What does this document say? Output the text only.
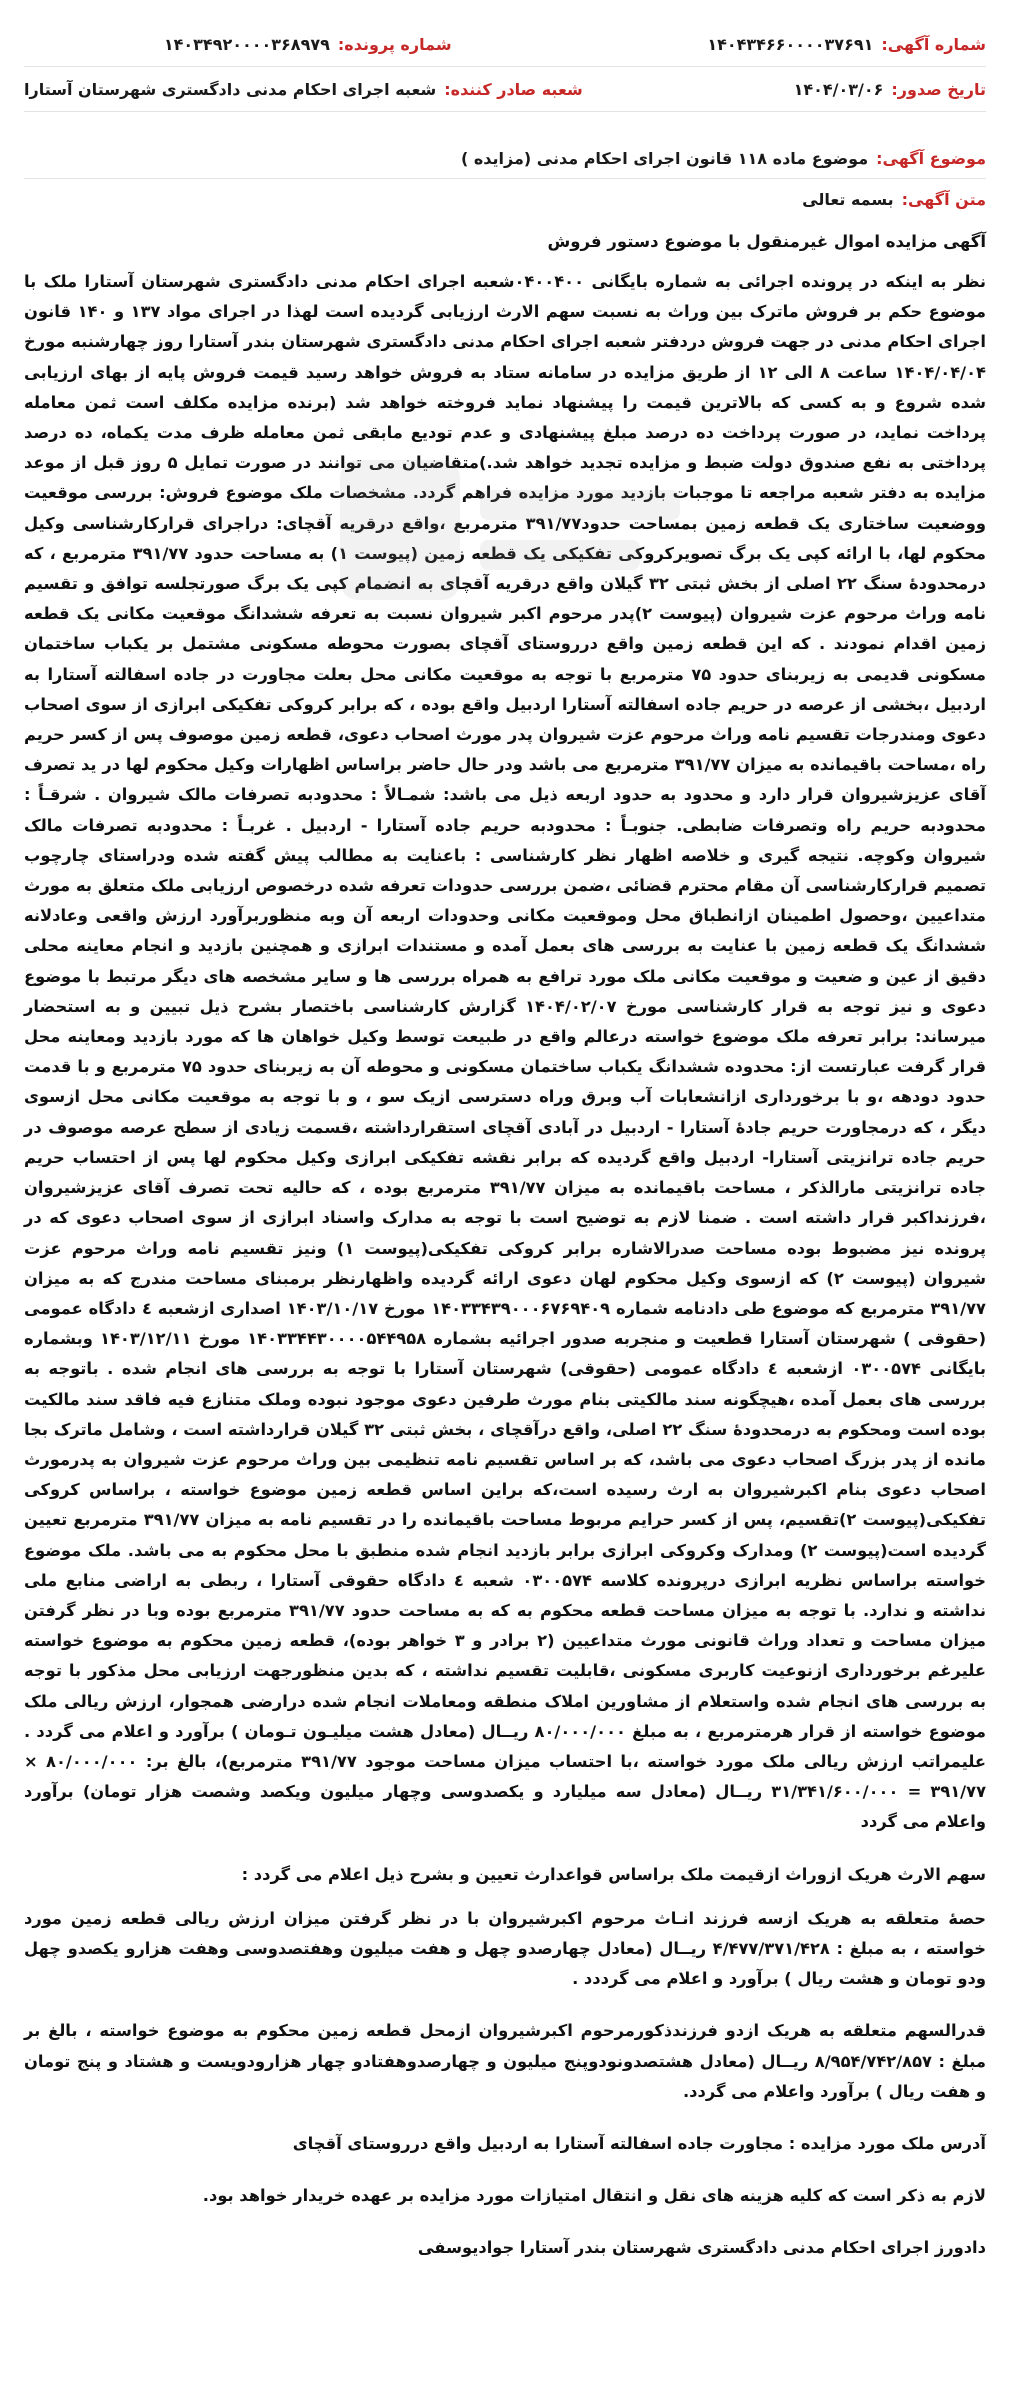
شماره آگهی:
۱۴۰۴۳۴۶۶۰۰۰۰۳۷۶۹۱
شماره پرونده:
۱۴۰۳۴۹۲۰۰۰۰۳۶۸۹۷۹
تاریخ صدور:
۱۴۰۴/۰۳/۰۶
شعبه صادر کننده:
شعبه اجرای احکام مدنی دادگستری شهرستان آستارا
موضوع آگهی:
موضوع ماده ۱۱۸ قانون اجرای احکام مدنی (مزایده )
متن آگهی:
بسمه تعالی
آگهی مزایده اموال غیرمنقول با موضوع دستور فروش

نظر به اینکه در پرونده اجرائی به شماره بایگانی ۰۴۰۰۴۰۰شعبه اجرای احکام مدنی دادگستری شهرستان آستارا ملک با موضوع حکم بر فروش ماترک بین وراث به نسبت سهم الارث ارزیابی گردیده است لهذا در اجرای مواد ۱۳۷ و ۱۴۰ قانون اجرای احکام مدنی در جهت فروش دردفتر شعبه اجرای احکام مدنی دادگستری شهرستان بندر آستارا روز چهارشنبه مورخ ۱۴۰۴/۰۴/۰۴ ساعت ۸ الی ۱۲ از طریق مزایده در سامانه ستاد به فروش خواهد رسید قیمت فروش پایه از بهای ارزیابی شده شروع و به کسی که بالاترین قیمت را پیشنهاد نماید فروخته خواهد شد (برنده مزایده مکلف است ثمن معامله پرداخت نماید، در صورت پرداخت ده درصد مبلغ پیشنهادی و عدم تودیع مابقی ثمن معامله ظرف مدت یکماه، ده درصد پرداختی به نفع صندوق دولت ضبط و مزایده تجدید خواهد شد.)متقاضیان می توانند در صورت تمایل ۵ روز قبل از موعد مزایده به دفتر شعبه مراجعه تا موجبات بازدید مورد مزایده فراهم گردد. مشخصات ملک موضوع فروش: بررسی موقعیت ووضعیت ساختاری یک قطعه زمین بمساحت حدود۳۹۱/۷۷ مترمربع ،واقع درقریه آقچای: دراجرای قرارکارشناسی وکیل محکوم لها، با ارائه کپی یک برگ تصویرکروکی تفکیکی یک قطعه زمین (پیوست ۱) به مساحت حدود ۳۹۱/۷۷ مترمربع ، که درمحدودهٔ سنگ ۲۲ اصلی از بخش ثبتی ۳۲ گیلان واقع درقریه آقچای به انضمام کپی یک برگ صورتجلسه توافق و تقسیم نامه وراث مرحوم عزت شیروان (پیوست ۲)پدر مرحوم اکبر شیروان نسبت به تعرفه ششدانگ موقعیت مکانی یک قطعه زمین اقدام نمودند . که این قطعه زمین واقع درروستای آقچای بصورت محوطه مسکونی مشتمل بر یکباب ساختمان مسکونی قدیمی به زیربنای حدود ۷۵ مترمربع با توجه به موقعیت مکانی محل بعلت مجاورت در جاده اسفالته آستارا به اردبیل ،بخشی از عرصه در حریم جاده اسفالته آستارا اردبیل واقع بوده ، که برابر کروکی تفکیکی ابرازی از سوی اصحاب دعوی ومندرجات تقسیم نامه وراث مرحوم عزت شیروان پدر مورث اصحاب دعوی، قطعه زمین موصوف پس از کسر حریم راه ،مساحت باقیمانده به میزان ۳۹۱/۷۷ مترمربع می باشد ودر حال حاضر براساس اظهارات وکیل محکوم لها در ید تصرف آقای عزیزشیروان قرار دارد و محدود به حدود اربعه ذیل می باشد: شمـالاً : محدودبه تصرفات مالک شیروان . شرقـاً : محدودبه حریم راه وتصرفات ضابطی. جنوبـاً : محدودبه حریم جاده آستارا - اردبیل . غربـاً : محدودبه تصرفات مالک شیروان وکوچه. نتیجه گیری و خلاصه اظهار نظر کارشناسی : باعنایت به مطالب پیش گفته شده ودراستای چارچوب تصمیم قرارکارشناسی آن مقام محترم قضائی ،ضمن بررسی حدودات تعرفه شده درخصوص ارزیابی ملک متعلق به مورث متداعیین ،وحصول اطمینان ازانطباق محل وموقعیت مکانی وحدودات اربعه آن وبه منظوربرآورد ارزش واقعی وعادلانه ششدانگ یک قطعه زمین با عنایت به بررسی های بعمل آمده و مستندات ابرازی و همچنین بازدید و انجام معاینه محلی دقیق از عین و ضعیت و موقعیت مکانی ملک مورد ترافع به همراه بررسی ها و سایر مشخصه های دیگر مرتبط با موضوع دعوی و نیز توجه به قرار کارشناسی مورخ ۱۴۰۴/۰۲/۰۷ گزارش کارشناسی باختصار بشرح ذیل تبیین و به استحضار میرساند: برابر تعرفه ملک موضوع خواسته درعالم واقع در طبیعت توسط وکیل خواهان ها که مورد بازدید ومعاینه محل قرار گرفت عبارتست از: محدوده ششدانگ یکباب ساختمان مسکونی و محوطه آن به زیربنای حدود ۷۵ مترمربع و با قدمت حدود دودهه ،و با برخورداری ازانشعابات آب وبرق وراه دسترسی ازیک سو ، و با توجه به موقعیت مکانی محل ازسوی دیگر ، که درمجاورت حریم جادهٔ آستارا - اردبیل در آبادی آقچای استقرارداشته ،قسمت زیادی از سطح عرصه موصوف در حریم جاده ترانزیتی آستارا- اردبیل واقع گردیده که برابر نقشه تفکیکی ابرازی وکیل محکوم لها پس از احتساب حریم جاده ترانزیتی مارالذکر ، مساحت باقیمانده به میزان ۳۹۱/۷۷ مترمربع بوده ، که حالیه تحت تصرف آقای عزیزشیروان ،فرزنداکبر قرار داشته است . ضمنا لازم به توضیح است با توجه به مدارک واسناد ابرازی از سوی اصحاب دعوی که در پرونده نیز مضبوط بوده مساحت صدرالاشاره برابر کروکی تفکیکی(پیوست ۱) ونیز تقسیم نامه وراث مرحوم عزت شیروان (پیوست ۲) که ازسوی وکیل محکوم لهان دعوی ارائه گردیده واظهارنظر برمبنای مساحت مندرج که به میزان ۳۹۱/۷۷ مترمربع که موضوع طی دادنامه شماره ۱۴۰۳۳۴۳۹۰۰۰۶۷۶۹۴۰۹ مورخ ۱۴۰۳/۱۰/۱۷ اصداری ازشعبه ٤ دادگاه عمومی (حقوقی ) شهرستان آستارا قطعیت و منجربه صدور اجرائیه بشماره ۱۴۰۳۳۴۴۳۰۰۰۰۵۴۴۹۵۸ مورخ ۱۴۰۳/۱۲/۱۱ وبشماره بایگانی ۰۳۰۰۵۷۴ ازشعبه ٤ دادگاه عمومی (حقوقی) شهرستان آستارا با توجه به بررسی های انجام شده . باتوجه به بررسی های بعمل آمده ،هیچگونه سند مالکیتی بنام مورث طرفین دعوی موجود نبوده وملک متنازع فیه فاقد سند مالکیت بوده است ومحکوم به درمحدودهٔ سنگ ۲۲ اصلی، واقع درآقچای ، بخش ثبتی ۳۲ گیلان قرارداشته است ، وشامل ماترک بجا مانده از پدر بزرگ اصحاب دعوی می باشد، که بر اساس تقسیم نامه تنظیمی بین وراث مرحوم عزت شیروان به پدرمورث اصحاب دعوی بنام اکبرشیروان به ارث رسیده است،که براین اساس قطعه زمین موضوع خواسته ، براساس کروکی تفکیکی(پیوست ۲)تقسیم، پس از کسر حرایم مربوط مساحت باقیمانده را در تقسیم نامه به میزان ۳۹۱/۷۷ مترمربع تعیین گردیده است(پیوست ۲) ومدارک وکروکی ابرازی برابر بازدید انجام شده منطبق با محل محکوم به می باشد. ملک موضوع خواسته براساس نظریه ابرازی درپرونده کلاسه ۰۳۰۰۵۷۴ شعبه ٤ دادگاه حقوقی آستارا ، ربطی به اراضی منابع ملی نداشته و ندارد. با توجه به میزان مساحت قطعه محکوم به که به مساحت حدود ۳۹۱/۷۷ مترمربع بوده وبا در نظر گرفتن میزان مساحت و تعداد وراث قانونی مورث متداعیین (۲ برادر و ۳ خواهر بوده)، قطعه زمین محکوم به موضوع خواسته علیرغم برخورداری ازنوعیت کاربری مسکونی ،قابلیت تقسیم نداشته ، که بدین منظورجهت ارزیابی محل مذکور با توجه به بررسی های انجام شده واستعلام از مشاورین املاک منطقه ومعاملات انجام شده درارضی همجوار، ارزش ریالی ملک موضوع خواسته از قرار هرمترمربع ، به مبلغ ۸۰/۰۰۰/۰۰۰ ریــال (معادل هشت میلیـون تـومان ) برآورد و اعلام می گردد . علیمراتب ارزش ریالی ملک مورد خواسته ،با احتساب میزان مساحت موجود ۳۹۱/۷۷ مترمربع)، بالغ بر: ۸۰/۰۰۰/۰۰۰ × ۳۹۱/۷۷ = ۳۱/۳۴۱/۶۰۰/۰۰۰ ریــال (معادل سه میلیارد و یکصدوسی وچهار میلیون ویکصد وشصت هزار تومان) برآورد واعلام می گردد

سهم الارث هریک ازوراث ازقیمت ملک براساس قواعدارث تعیین و بشرح ذیل اعلام می گردد :

حصهٔ متعلقه به هریک ازسه فرزند انـاث مرحوم اکبرشیروان با در نظر گرفتن میزان ارزش ریالی قطعه زمین مورد خواسته ، به مبلغ : ۴/۴۷۷/۳۷۱/۴۲۸ ریــال (معادل چهارصدو چهل و هفت میلیون وهفتصدوسی وهفت هزارو یکصدو چهل ودو تومان و هشت ریال ) برآورد و اعلام می گرددد .

قدرالسهم متعلقه به هریک ازدو فرزندذکورمرحوم اکبرشیروان ازمحل قطعه زمین محکوم به موضوع خواسته ، بالغ بر مبلغ : ۸/۹۵۴/۷۴۲/۸۵۷ ریــال (معادل هشتصدونودوپنج میلیون و چهارصدوهفتادو چهار هزارودویست و هشتاد و پنج تومان و هفت ریال ) برآورد واعلام می گردد.

آدرس ملک مورد مزایده : مجاورت جاده اسفالته آستارا به اردبیل واقع درروستای آقچای

لازم به ذکر است که کلیه هزینه های نقل و انتقال امتیازات مورد مزایده بر عهده خریدار خواهد بود.

دادورز اجرای احکام مدنی دادگستری شهرستان بندر آستارا جوادیوسفی
